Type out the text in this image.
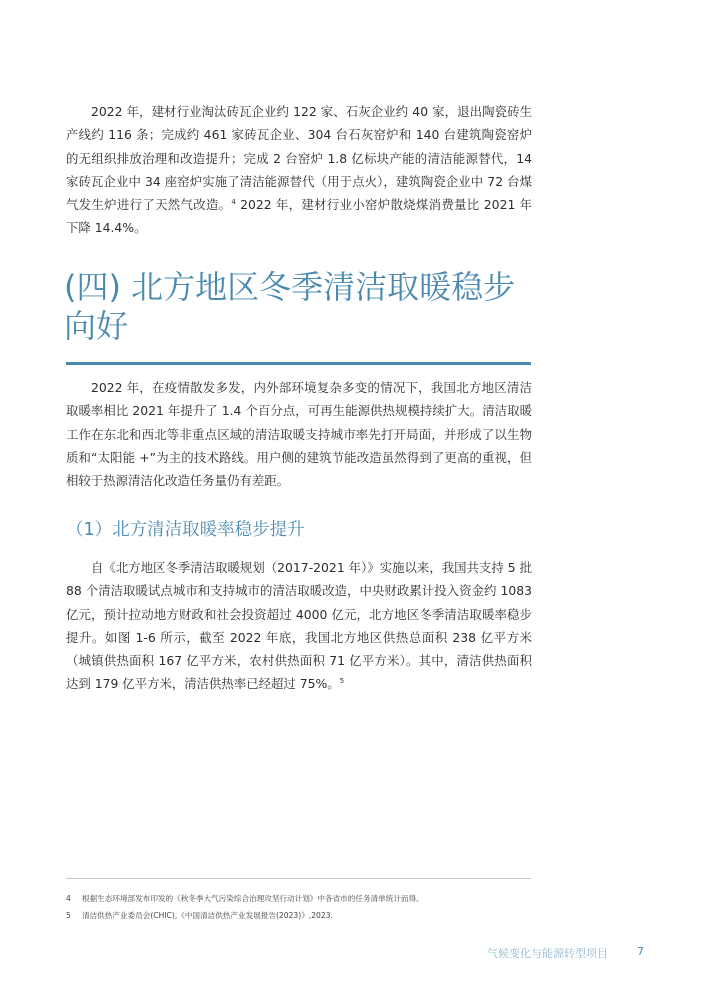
2022 年，建材行业淘汰砖瓦企业约 122 家、石灰企业约 40 家，退出陶瓷砖生产线约 116 条；完成约 461 家砖瓦企业、304 台石灰窑炉和 140 台建筑陶瓷窑炉的无组织排放治理和改造提升；完成 2 台窑炉 1.8 亿标块产能的清洁能源替代，14 家砖瓦企业中 34 座窑炉实施了清洁能源替代（用于点火），建筑陶瓷企业中 72 台煤气发生炉进行了天然气改造。$^4$ 2022 年，建材行业小窑炉散烧煤消费量比 2021 年下降 14.4%。

(四) 北方地区冬季清洁取暖稳步向好

2022 年，在疫情散发多发，内外部环境复杂多变的情况下，我国北方地区清洁取暖率相比 2021 年提升了 1.4 个百分点，可再生能源供热规模持续扩大。清洁取暖工作在东北和西北等非重点区域的清洁取暖支持城市率先打开局面，并形成了以生物质和“太阳能 +”为主的技术路线。用户侧的建筑节能改造虽然得到了更高的重视，但相较于热源清洁化改造任务量仍有差距。

（1）北方清洁取暖率稳步提升

自《北方地区冬季清洁取暖规划（2017-2021 年）》实施以来，我国共支持 5 批 88 个清洁取暖试点城市和支持城市的清洁取暖改造，中央财政累计投入资金约 1083 亿元，预计拉动地方财政和社会投资超过 4000 亿元，北方地区冬季清洁取暖率稳步提升。如图 1-6 所示，截至 2022 年底，我国北方地区供热总面积 238 亿平方米（城镇供热面积 167 亿平方米，农村供热面积 71 亿平方米）。其中，清洁供热面积达到 179 亿平方米，清洁供热率已经超过 75%。$^5$

4 根据生态环境部发布印发的《秋冬季大气污染综合治理攻坚行动计划》中各省市的任务清单统计而得。
5 清洁供热产业委员会(CHIC),《中国清洁供热产业发展报告(2023)》,2023.
气候变化与能源转型项目	7
